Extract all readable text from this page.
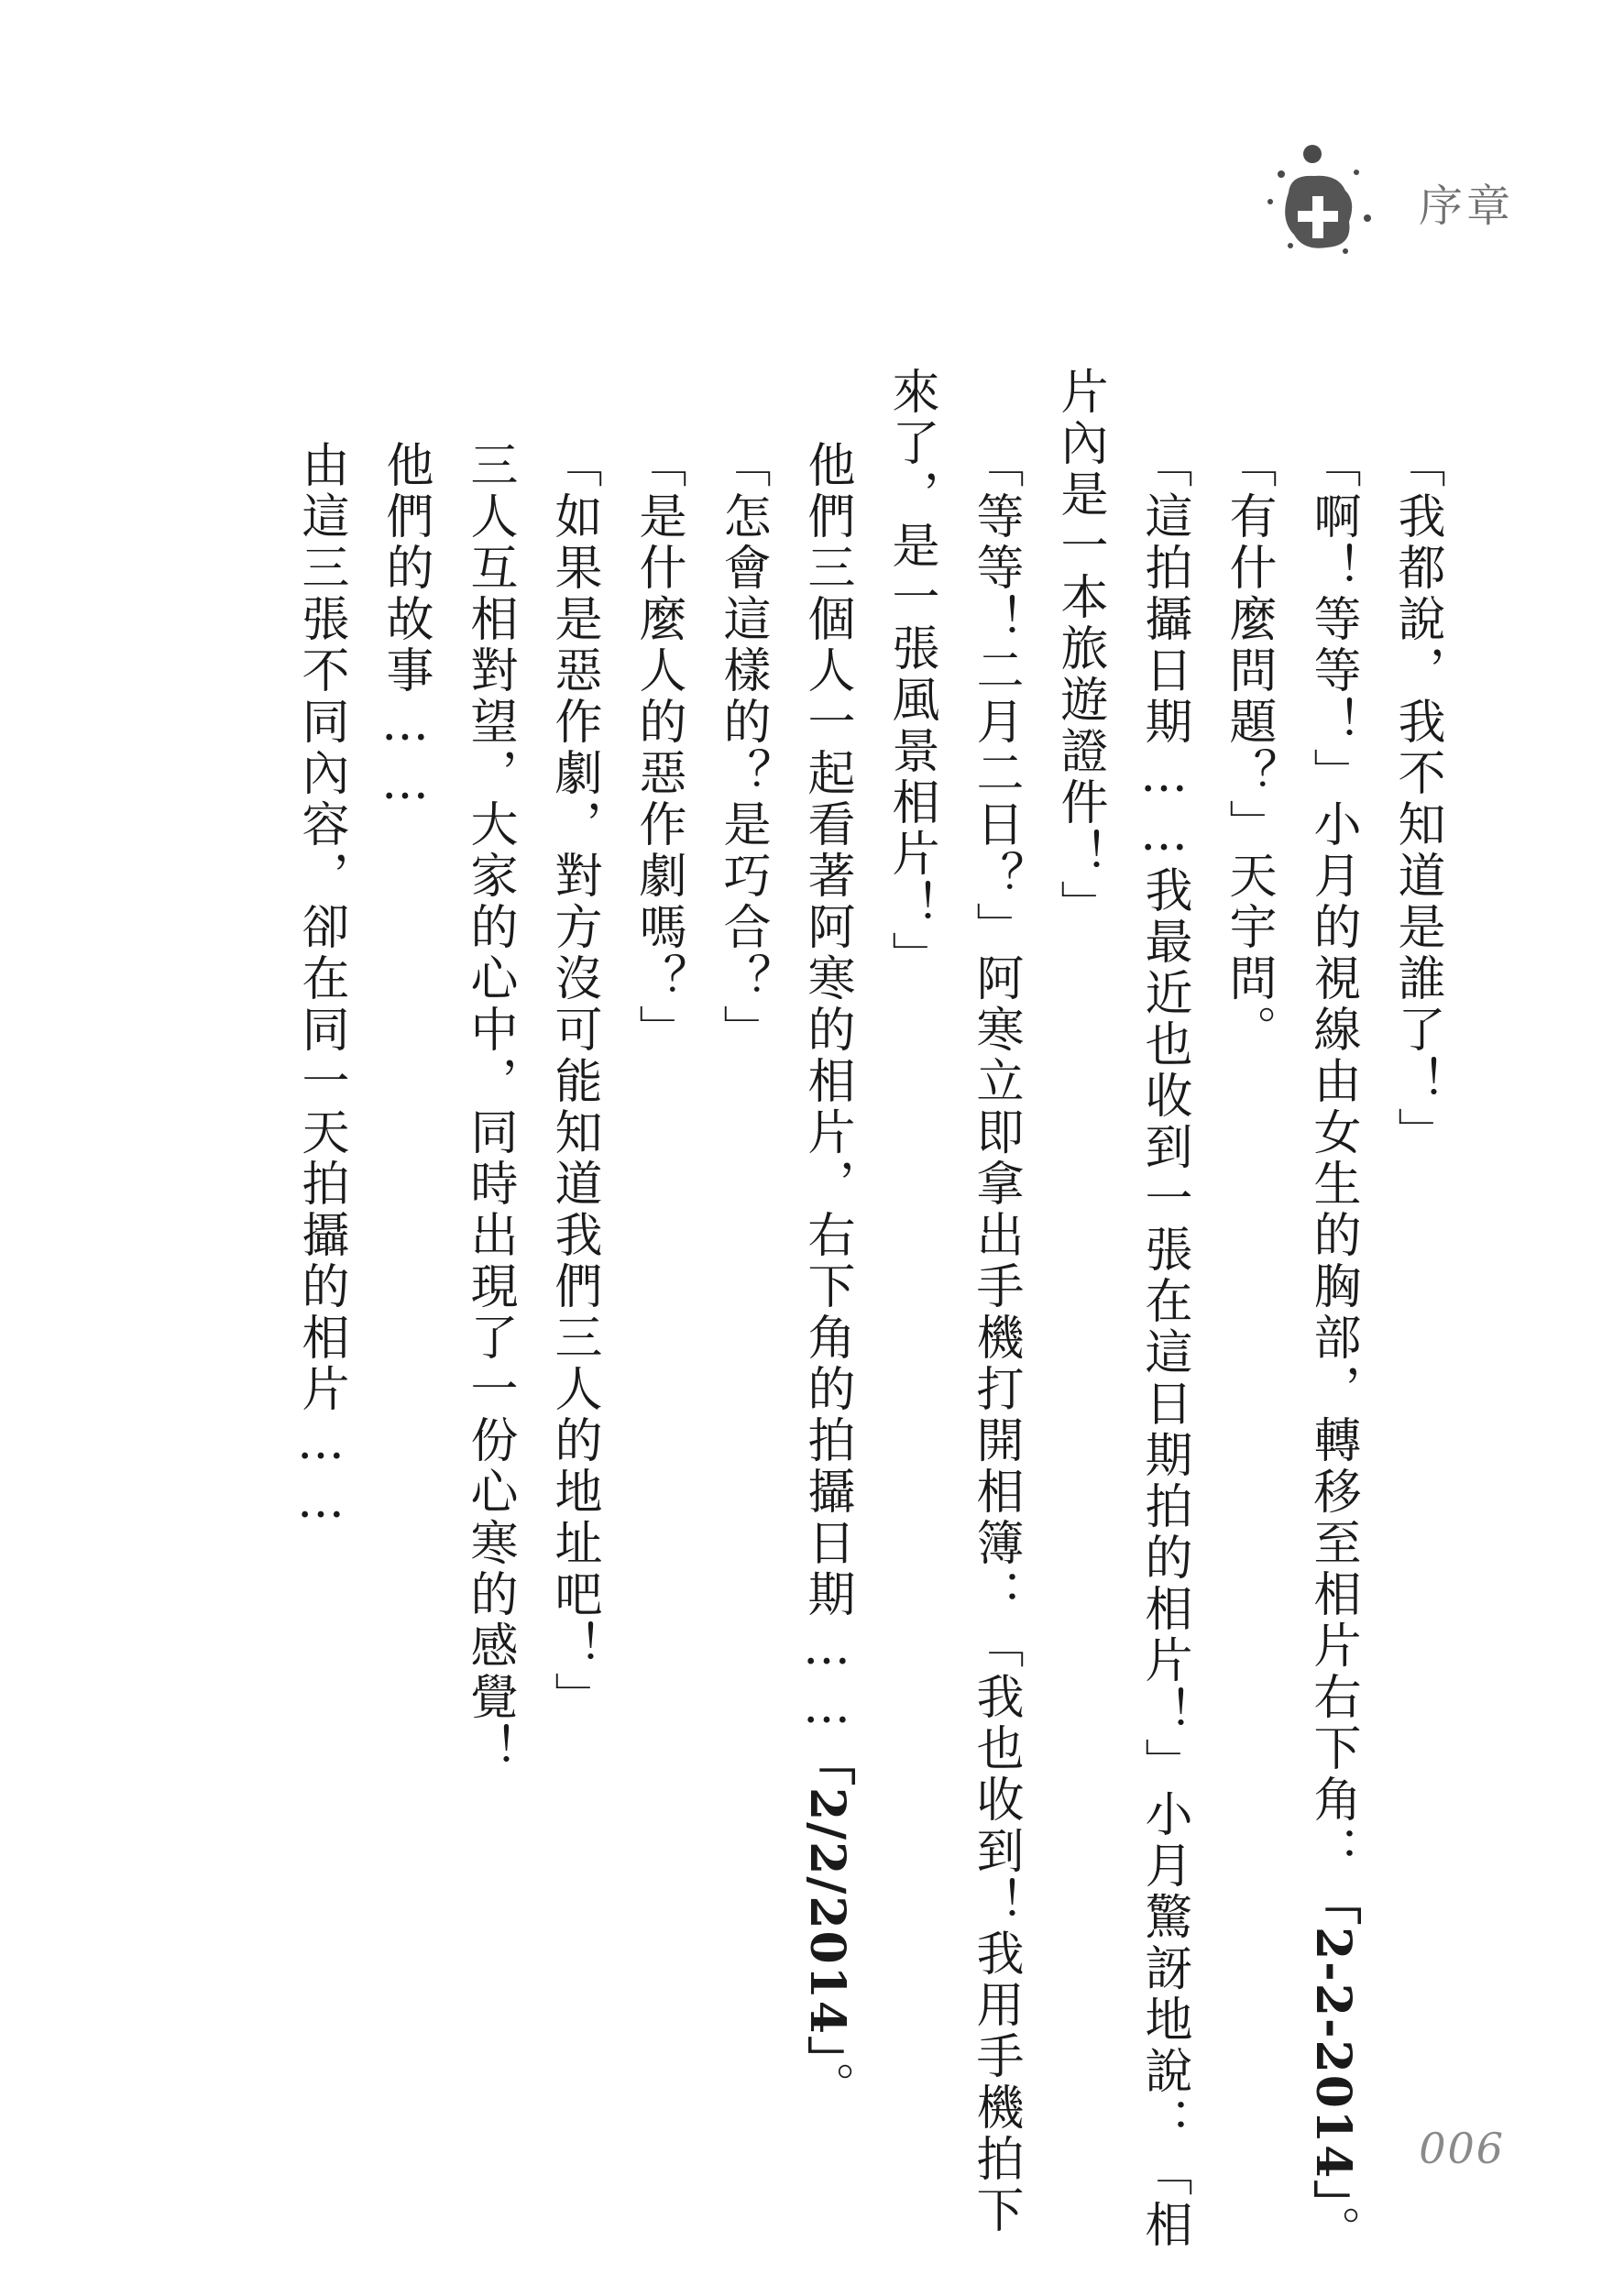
序章
「我都說，我不知道是誰了！」
「啊！等等！」小月的視線由女生的胸部，轉移至相片右下角：「2-2-2014」。
「有什麼問題？」天宇問。
「這拍攝日期……我最近也收到一張在這日期拍的相片！」小月驚訝地說：「相
片內是一本旅遊證件！」
「等等！二月二日？」阿寒立即拿出手機打開相簿：「我也收到！我用手機拍下
來了，是一張風景相片！」
他們三個人一起看著阿寒的相片，右下角的拍攝日期……「2/2/2014」。
「怎會這樣的？是巧合？」
「是什麼人的惡作劇嗎？」
「如果是惡作劇，對方沒可能知道我們三人的地址吧！」
三人互相對望，大家的心中，同時出現了一份心寒的感覺！
他們的故事……
由這三張不同內容，卻在同一天拍攝的相片……
006
